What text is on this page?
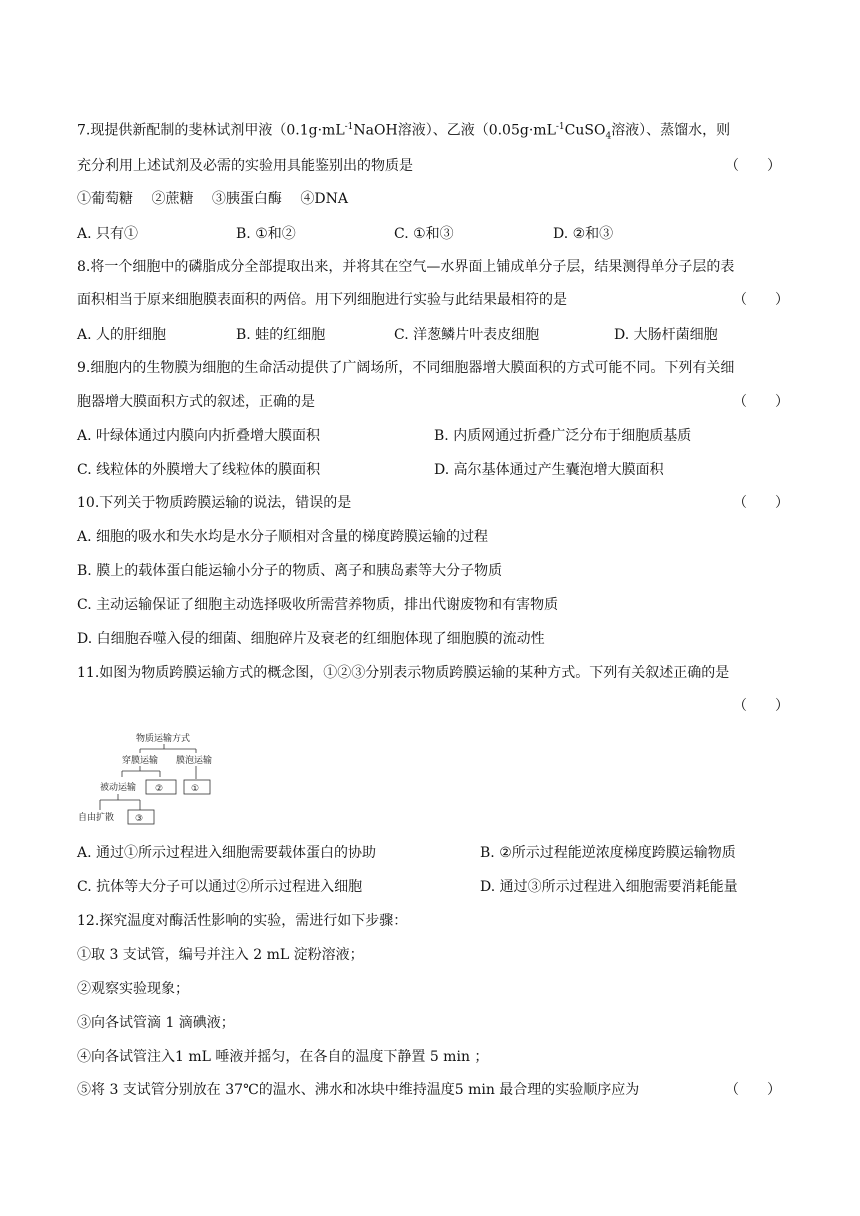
7.现提供新配制的斐林试剂甲液（$0.1g\cdot mL^{-1}NaOH$溶液）、乙液（$0.05g\cdot mL^{-1}CuSO_4$溶液）、蒸馏水，则
充分利用上述试剂及必需的实验用具能鉴别出的物质是	（　　）
①葡萄糖　 ②蔗糖　 ③胰蛋白酶　 ④DNA
A. 只有①	B. ①和②	C. ①和③	D. ②和③
8.将一个细胞中的磷脂成分全部提取出来，并将其在空气—水界面上铺成单分子层，结果测得单分子层的表
面积相当于原来细胞膜表面积的两倍。用下列细胞进行实验与此结果最相符的是	（　　）
A. 人的肝细胞	B. 蛙的红细胞	C. 洋葱鳞片叶表皮细胞	D. 大肠杆菌细胞
9.细胞内的生物膜为细胞的生命活动提供了广阔场所，不同细胞器增大膜面积的方式可能不同。下列有关细
胞器增大膜面积方式的叙述，正确的是	（　　）
A. 叶绿体通过内膜向内折叠增大膜面积	B. 内质网通过折叠广泛分布于细胞质基质
C. 线粒体的外膜增大了线粒体的膜面积	D. 高尔基体通过产生囊泡增大膜面积
10.下列关于物质跨膜运输的说法，错误的是	（　　）
A. 细胞的吸水和失水均是水分子顺相对含量的梯度跨膜运输的过程
B. 膜上的载体蛋白能运输小分子的物质、离子和胰岛素等大分子物质
C. 主动运输保证了细胞主动选择吸收所需营养物质，排出代谢废物和有害物质
D. 白细胞吞噬入侵的细菌、细胞碎片及衰老的红细胞体现了细胞膜的流动性
11.如图为物质跨膜运输方式的概念图，①②③分别表示物质跨膜运输的某种方式。下列有关叙述正确的是
（　　）
物质运输方式
穿膜运输 膜泡运输
①
被动运输 ②
自由扩散 ③
A. 通过①所示过程进入细胞需要载体蛋白的协助	B. ②所示过程能逆浓度梯度跨膜运输物质
C. 抗体等大分子可以通过②所示过程进入细胞	D. 通过③所示过程进入细胞需要消耗能量
12.探究温度对酶活性影响的实验，需进行如下步骤：
①取 3 支试管，编号并注入 2 mL 淀粉溶液；
②观察实验现象；
③向各试管滴 1 滴碘液；
④向各试管注入1 mL 唾液并摇匀，在各自的温度下静置 5 min ；
⑤将 3 支试管分别放在 37℃的温水、沸水和冰块中维持温度5 min 最合理的实验顺序应为	（　　）
